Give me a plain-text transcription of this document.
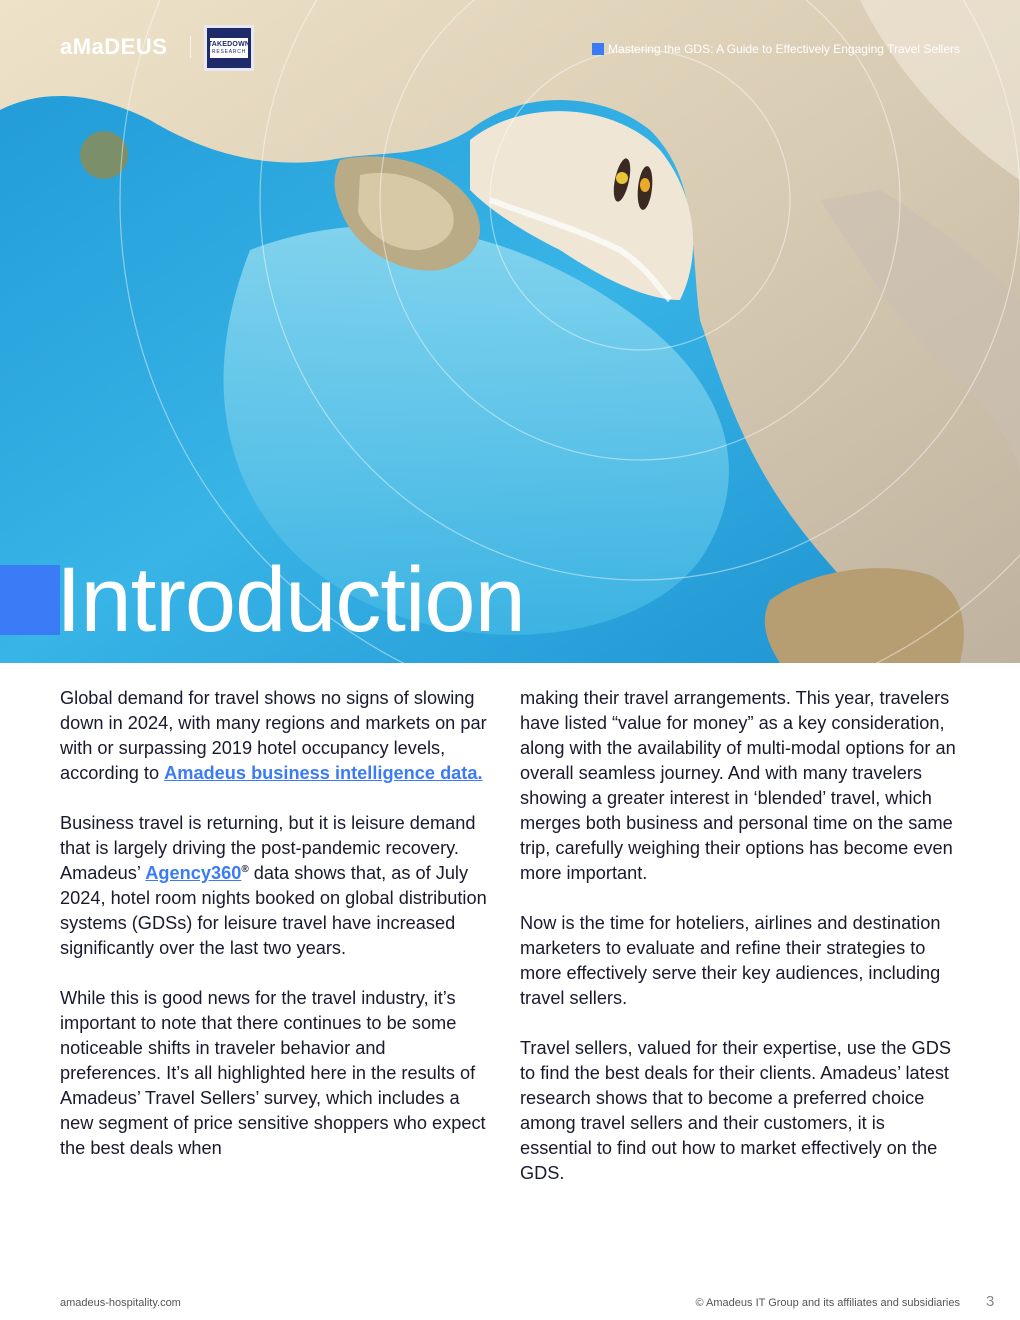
aMaDEUS	TAKEDOWN
RESEARCH	Mastering the GDS: A Guide to Effectively Engaging Travel Sellers
Introduction

Global demand for travel shows no signs of slowing down in 2024, with many regions and markets on par with or surpassing 2019 hotel occupancy levels, according to Amadeus business intelligence data.

Business travel is returning, but it is leisure demand that is largely driving the post-pandemic recovery. Amadeus’ Agency360® data shows that, as of July 2024, hotel room nights booked on global distribution systems (GDSs) for leisure travel have increased significantly over the last two years.

While this is good news for the travel industry, it’s important to note that there continues to be some noticeable shifts in traveler behavior and preferences. It’s all highlighted here in the results of Amadeus’ Travel Sellers’ survey, which includes a new segment of price sensitive shoppers who expect the best deals when

making their travel arrangements. This year, travelers have listed “value for money” as a key consideration, along with the availability of multi-modal options for an overall seamless journey. And with many travelers showing a greater interest in ‘blended’ travel, which merges both business and personal time on the same trip, carefully weighing their options has become even more important.

Now is the time for hoteliers, airlines and destination marketers to evaluate and refine their strategies to more effectively serve their key audiences, including travel sellers.

Travel sellers, valued for their expertise, use the GDS to find the best deals for their clients. Amadeus’ latest research shows that to become a preferred choice among travel sellers and their customers, it is essential to find out how to market effectively on the GDS.

amadeus-hospitality.com	© Amadeus IT Group and its affiliates and subsidiaries 3
